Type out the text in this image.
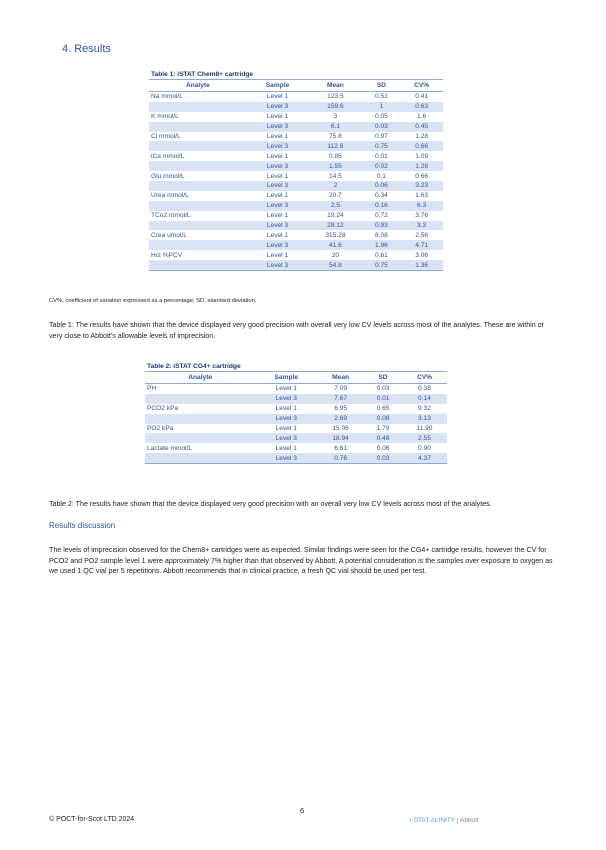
4. Results
Table 1: iSTAT Chem8+ cartridge
Analyte	Sample	Mean	SD	CV%
Na mmol/L	Level 1	123.5	0.51	0.41
	Level 3	159.6	1	0.63
K mmol/L	Level 1	3	0.05	1.6
	Level 3	6.1	0.03	0.45
Cl mmol/L	Level 1	75.8	0.97	1.28
	Level 3	112.8	0.75	0.66
iCa mmol/L	Level 1	0.85	0.01	1.09
	Level 3	1.55	0.02	1.26
Glu mmol/L	Level 1	14.5	0.1	0.66
	Level 3	2	0.06	3.23
Urea mmol/L	Level 1	20.7	0.34	1.63
	Level 3	2.5	0.16	6.3
TCo2 mmol/L	Level 1	19.24	0.72	3.76
	Level 3	28.12	0.93	3.3
Crea umol/L	Level 1	315.28	8.08	2.56
	Level 3	41.6	1.96	4.71
Hct %PCV	Level 1	20	0.61	3.06
	Level 3	54.8	0.75	1.36
CV%, coefficient of variation expressed as a percentage; SD, standard deviation.
Table 1: The results have shown that the device displayed very good precision with overall very low CV levels across most of the analytes. These are within or very close to Abbott's allowable levels of imprecision.
Table 2: iSTAT CG4+ cartridge
Analyte	Sample	Mean	SD	CV%
PH	Level 1	7.09	0.03	0.38
	Level 3	7.67	0.01	0.14
PCO2 kPa	Level 1	6.95	0.65	9.32
	Level 3	2.69	0.08	3.13
PO2 kPa	Level 1	15.06	1.79	11.90
	Level 3	18.94	0.48	2.55
Lactate mmol/L	Level 1	6.61	0.06	0.90
	Level 3	0.76	0.03	4.37
Table 2: The results have shown that the device displayed very good precision with an overall very low CV levels across most of the analytes.
Results discussion
The levels of imprecision observed for the Chem8+ cartridges were as expected. Similar findings were seen for the CG4+ cartridge results, however the CV for PCO2 and PO2 sample level 1 were approximately 7% higher than that observed by Abbott. A potential consideration is the samples over exposure to oxygen as we used 1 QC vial per 5 repetitions. Abbott recommends that in clinical practice, a fresh QC vial should be used per test.
6
© POCT-for-Scot LTD 2024	i-STAT ALINITY | Abbott
